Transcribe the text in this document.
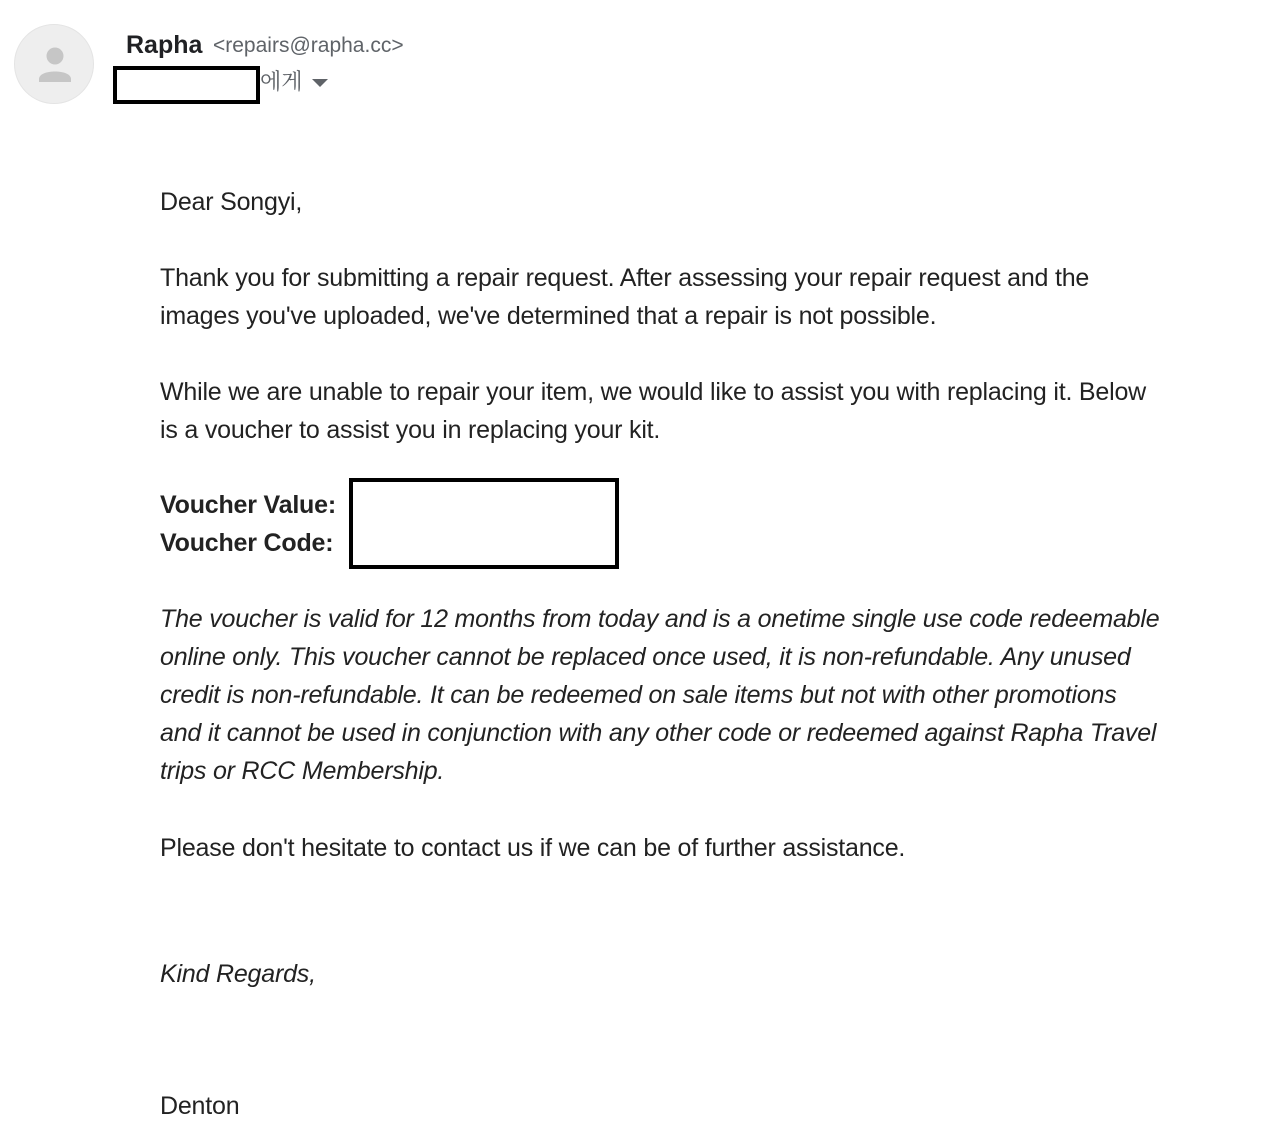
Rapha <repairs@rapha.cc>
에게
Dear Songyi,
Thank you for submitting a repair request. After assessing your repair request and the
images you've uploaded, we've determined that a repair is not possible.
While we are unable to repair your item, we would like to assist you with replacing it. Below
is a voucher to assist you in replacing your kit.
Voucher Value:
Voucher Code:
The voucher is valid for 12 months from today and is a onetime single use code redeemable
online only. This voucher cannot be replaced once used, it is non-refundable. Any unused
credit is non-refundable. It can be redeemed on sale items but not with other promotions
and it cannot be used in conjunction with any other code or redeemed against Rapha Travel
trips or RCC Membership.
Please don't hesitate to contact us if we can be of further assistance.
Kind Regards,
Denton
